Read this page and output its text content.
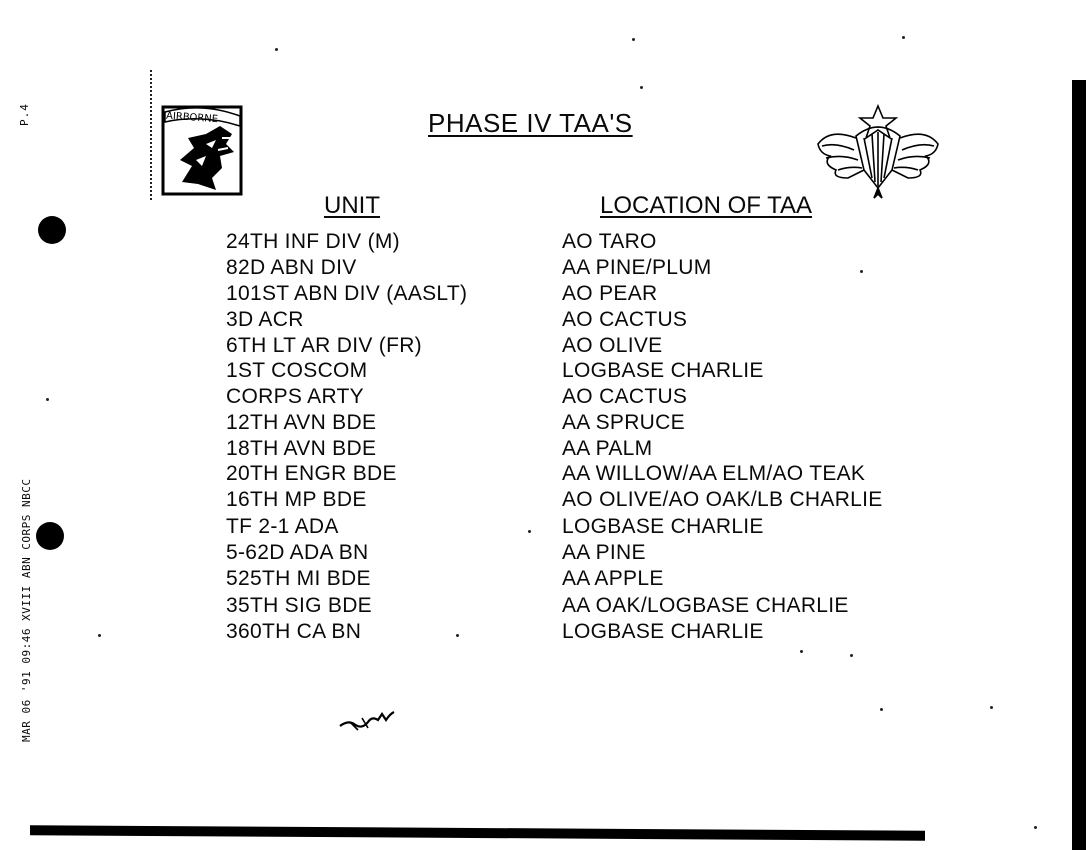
P.4
MAR 06 '91 09:46 XVIII ABN CORPS NBCC
AIRBORNE	PHASE IV TAA'S
UNIT	LOCATION OF TAA
24TH INF DIV (M)	AO TARO
82D ABN DIV	AA PINE/PLUM
101ST ABN DIV (AASLT)	AO PEAR
3D ACR	AO CACTUS
6TH LT AR DIV (FR)	AO OLIVE
1ST COSCOM	LOGBASE CHARLIE
CORPS ARTY	AO CACTUS
12TH AVN BDE	AA SPRUCE
18TH AVN BDE	AA PALM
20TH ENGR BDE	AA WILLOW/AA ELM/AO TEAK
16TH MP BDE	AO OLIVE/AO OAK/LB CHARLIE
TF 2-1 ADA	LOGBASE CHARLIE
5-62D ADA BN	AA PINE
525TH MI BDE	AA APPLE
35TH SIG BDE	AA OAK/LOGBASE CHARLIE
360TH CA BN	LOGBASE CHARLIE
